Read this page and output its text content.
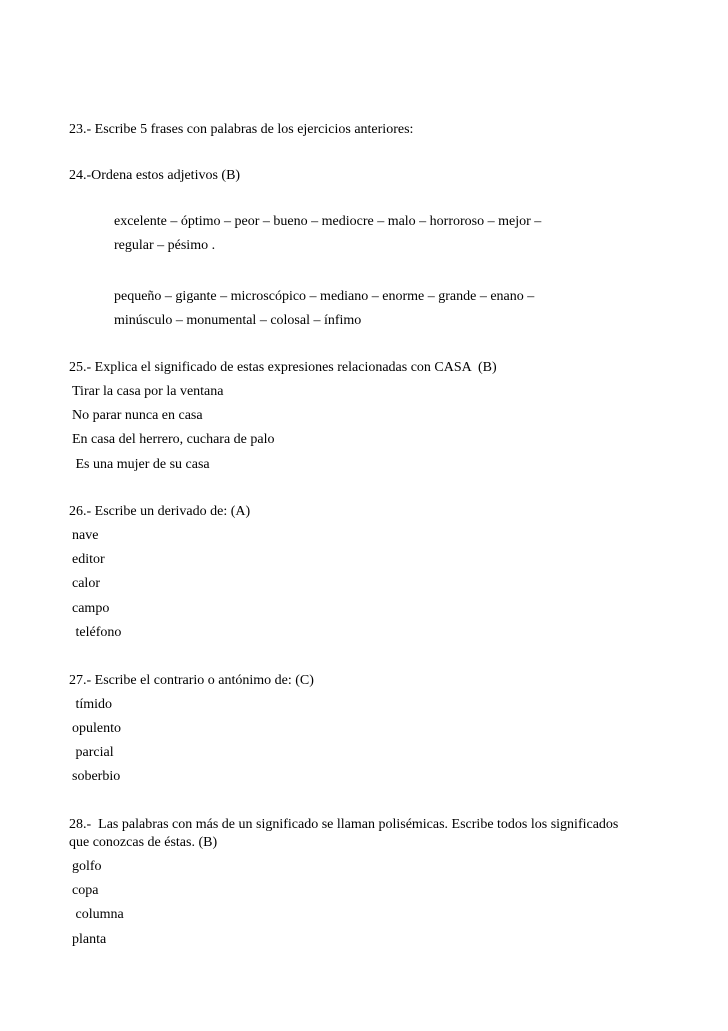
23.- Escribe 5 frases con palabras de los ejercicios anteriores:
24.-Ordena estos adjetivos (B)
excelente – óptimo – peor – bueno – mediocre – malo – horroroso – mejor –
regular – pésimo .
pequeño – gigante – microscópico – mediano – enorme – grande – enano –
minúsculo – monumental – colosal – ínfimo
25.- Explica el significado de estas expresiones relacionadas con CASA  (B)
Tirar la casa por la ventana
No parar nunca en casa
En casa del herrero, cuchara de palo
Es una mujer de su casa
26.- Escribe un derivado de: (A)
nave
editor
calor
campo
teléfono
27.- Escribe el contrario o antónimo de: (C)
tímido
opulento
parcial
soberbio
28.-  Las palabras con más de un significado se llaman polisémicas. Escribe todos los significados
que conozcas de éstas. (B)
golfo
copa
columna
planta
